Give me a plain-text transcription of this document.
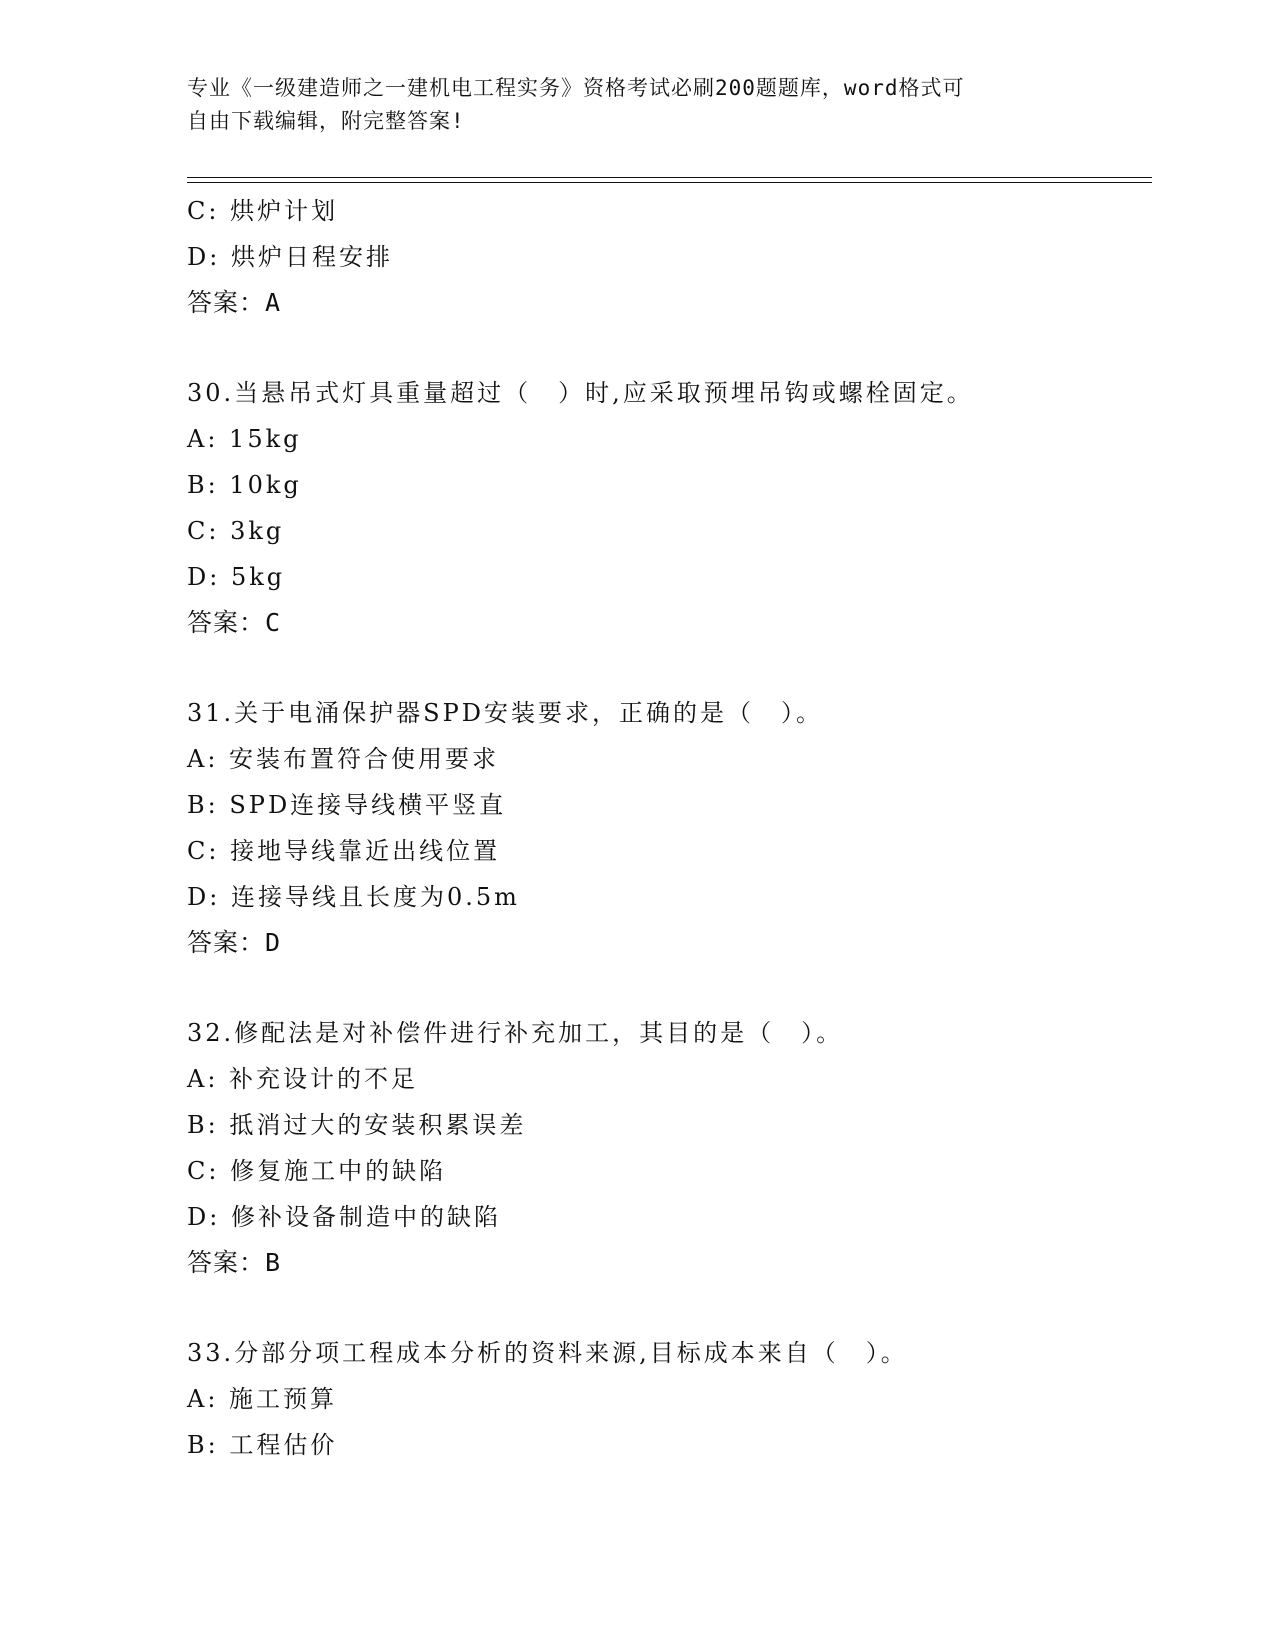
专业《一级建造师之一建机电工程实务》资格考试必刷200题题库，word格式可
自由下载编辑，附完整答案!
C: 烘炉计划
D: 烘炉日程安排
答案：A
30.当悬吊式灯具重量超过（　）时,应采取预埋吊钩或螺栓固定。
A: 15kg
B: 10kg
C: 3kg
D: 5kg
答案：C
31.关于电涌保护器SPD安装要求，正确的是（　）。
A: 安装布置符合使用要求
B: SPD连接导线横平竖直
C: 接地导线靠近出线位置
D: 连接导线且长度为0.5m
答案：D
32.修配法是对补偿件进行补充加工，其目的是（　）。
A: 补充设计的不足
B: 抵消过大的安装积累误差
C: 修复施工中的缺陷
D: 修补设备制造中的缺陷
答案：B
33.分部分项工程成本分析的资料来源,目标成本来自（　）。
A: 施工预算
B: 工程估价
